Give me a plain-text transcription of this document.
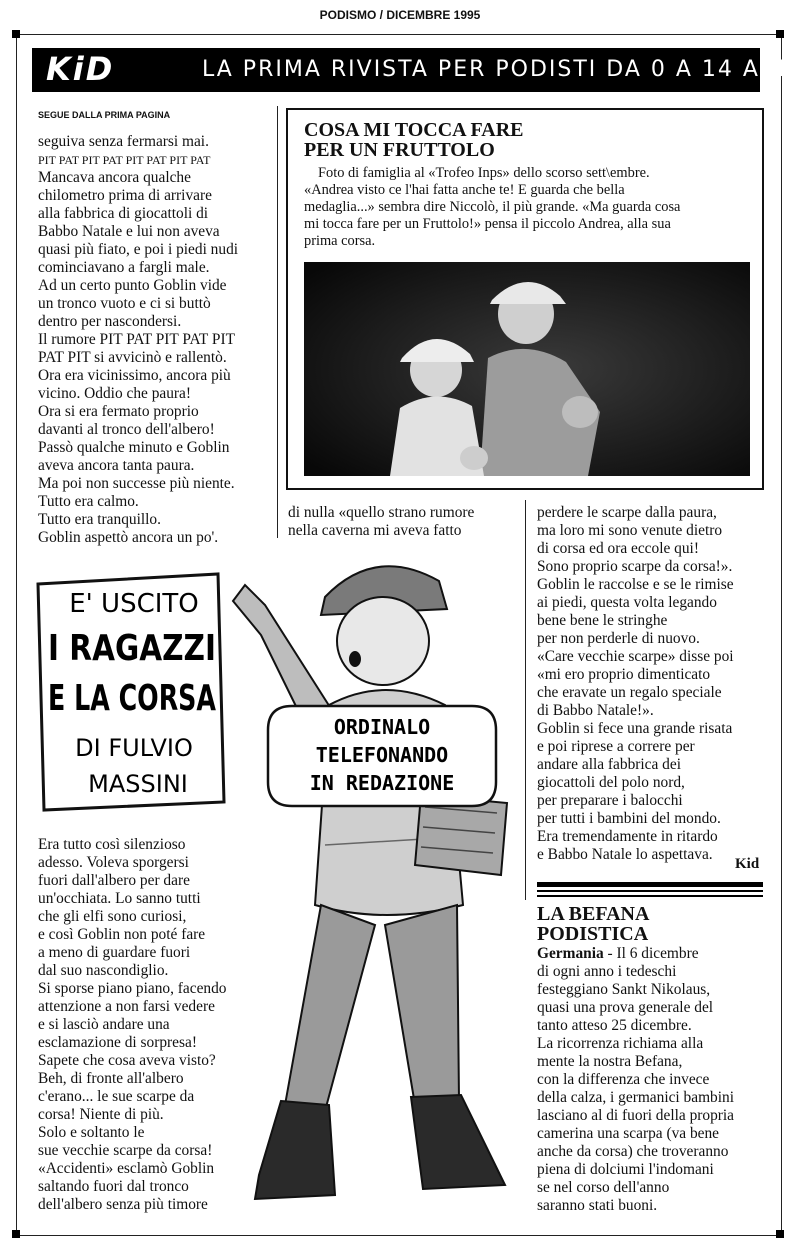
PODISMO / DICEMBRE 1995
KiD	LA PRIMA RIVISTA PER PODISTI DA 0 A 14 ANNI
SEGUE DALLA PRIMA PAGINA

seguiva senza fermarsi mai.

PIT PAT PIT PAT PIT PAT PIT PAT

Mancava ancora qualche

chilometro prima di arrivare

alla fabbrica di giocattoli di

Babbo Natale e lui non aveva

quasi più fiato, e poi i piedi nudi

cominciavano a fargli male.

Ad un certo punto Goblin vide

un tronco vuoto e ci si buttò

dentro per nascondersi.

Il rumore PIT PAT PIT PAT PIT

PAT PIT si avvicinò e rallentò.

Ora era vicinissimo, ancora più

vicino. Oddio che paura!

Ora si era fermato proprio

davanti al tronco dell'albero!

Passò qualche minuto e Goblin

aveva ancora tanta paura.

Ma poi non successe più niente.

Tutto era calmo.

Tutto era tranquillo.

Goblin aspettò ancora un po'.

COSA MI TOCCA FARE
PER UN FRUTTOLO

Foto di famiglia al «Trofeo Inps» dello scorso sett\embre.

«Andrea visto ce l'hai fatta anche te! E guarda che bella

medaglia...» sembra dire Niccolò, il più grande. «Ma guarda cosa

mi tocca fare per un Fruttolo!» pensa il piccolo Andrea, alla sua

prima corsa.

di nulla «quello strano rumore

nella caverna mi aveva fatto

E' USCITO
I RAGAZZI
E LA CORSA
DI FULVIO
MASSINI
ORDINALO
TELEFONANDO
IN REDAZIONE

Era tutto così silenzioso

adesso. Voleva sporgersi

fuori dall'albero per dare

un'occhiata. Lo sanno tutti

che gli elfi sono curiosi,

e così Goblin non poté fare

a meno di guardare fuori

dal suo nascondiglio.

Si sporse piano piano, facendo

attenzione a non farsi vedere

e si lasciò andare una

esclamazione di sorpresa!

Sapete che cosa aveva visto?

Beh, di fronte all'albero

c'erano... le sue scarpe da

corsa! Niente di più.

Solo e soltanto le

sue vecchie scarpe da corsa!

«Accidenti» esclamò Goblin

saltando fuori dal tronco

dell'albero senza più timore

perdere le scarpe dalla paura,

ma loro mi sono venute dietro

di corsa ed ora eccole qui!

Sono proprio scarpe da corsa!».

Goblin le raccolse e se le rimise

ai piedi, questa volta legando

bene bene le stringhe

per non perderle di nuovo.

«Care vecchie scarpe» disse poi

«mi ero proprio dimenticato

che eravate un regalo speciale

di Babbo Natale!».

Goblin si fece una grande risata

e poi riprese a correre per

andare alla fabbrica dei

giocattoli del polo nord,

per preparare i balocchi

per tutti i bambini del mondo.

Era tremendamente in ritardo

e Babbo Natale lo aspettava.

Kid

LA BEFANA

PODISTICA

Germania - Il 6 dicembre

di ogni anno i tedeschi

festeggiano Sankt Nikolaus,

quasi una prova generale del

tanto atteso 25 dicembre.

La ricorrenza richiama alla

mente la nostra Befana,

con la differenza che invece

della calza, i germanici bambini

lasciano al di fuori della propria

camerina una scarpa (va bene

anche da corsa) che troveranno

piena di dolciumi l'indomani

se nel corso dell'anno

saranno stati buoni.
